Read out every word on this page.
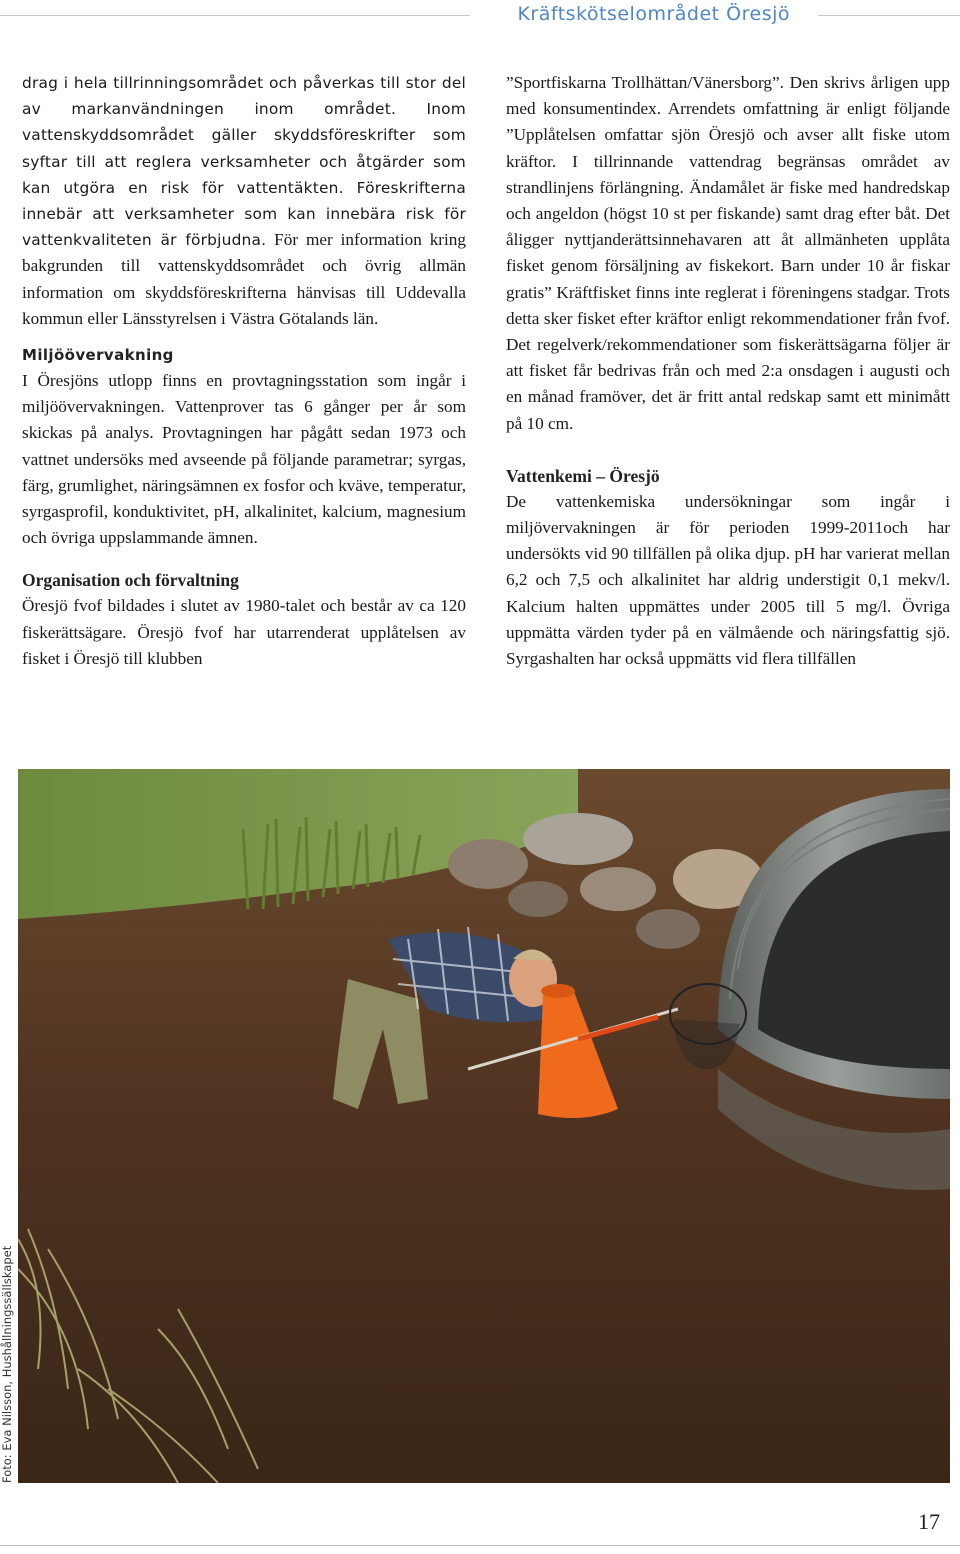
Kräftskötselområdet Öresjö

drag i hela tillrinningsområdet och påverkas till stor del av markanvändningen inom området. Inom vattenskyddsområdet gäller skyddsföreskrifter som syftar till att reglera verksamheter och åtgärder som kan utgöra en risk för vattentäkten. Föreskrifterna innebär att verksamheter som kan innebära risk för vattenkvaliteten är förbjudna. För mer information kring bakgrunden till vattenskyddsområdet och övrig allmän information om skyddsföreskrifterna hänvisas till Uddevalla kommun eller Länsstyrelsen i Västra Götalands län.

Miljöövervakning

I Öresjöns utlopp finns en provtagningsstation som ingår i miljöövervakningen. Vattenprover tas 6 gånger per år som skickas på analys. Provtagningen har pågått sedan 1973 och vattnet undersöks med avseende på följande parametrar; syrgas, färg, grumlighet, näringsämnen ex fosfor och kväve, temperatur, syrgasprofil, konduktivitet, pH, alkalinitet, kalcium, magnesium och övriga uppslammande ämnen.

Organisation och förvaltning

Öresjö fvof bildades i slutet av 1980-talet och består av ca 120 fiskerättsägare. Öresjö fvof har utarrenderat upplåtelsen av fisket i Öresjö till klubben

”Sportfiskarna Trollhättan/Vänersborg”. Den skrivs årligen upp med konsumentindex. Arrendets omfattning är enligt följande ”Upplåtelsen omfattar sjön Öresjö och avser allt fiske utom kräftor. I tillrinnande vattendrag begränsas området av strandlinjens förlängning. Ändamålet är fiske med handredskap och angeldon (högst 10 st per fiskande) samt drag efter båt. Det åligger nyttjanderättsinnehavaren att åt allmänheten upplåta fisket genom försäljning av fiskekort. Barn under 10 år fiskar gratis” Kräftfisket finns inte reglerat i föreningens stadgar. Trots detta sker fisket efter kräftor enligt rekommendationer från fvof. Det regelverk/rekommendationer som fiskerättsägarna följer är att fisket får bedrivas från och med 2:a onsdagen i augusti och en månad framöver, det är fritt antal redskap samt ett minimått på 10 cm.

Vattenkemi – Öresjö

De vattenkemiska undersökningar som ingår i miljövervakningen är för perioden 1999-2011och har undersökts vid 90 tillfällen på olika djup. pH har varierat mellan 6,2 och 7,5 och alkalinitet har aldrig understigit 0,1 mekv/l. Kalcium halten uppmättes under 2005 till 5 mg/l. Övriga uppmätta värden tyder på en välmående och näringsfattig sjö. Syrgashalten har också uppmätts vid flera tillfällen

Foto: Eva Nilsson, Hushållningssällskapet
17
